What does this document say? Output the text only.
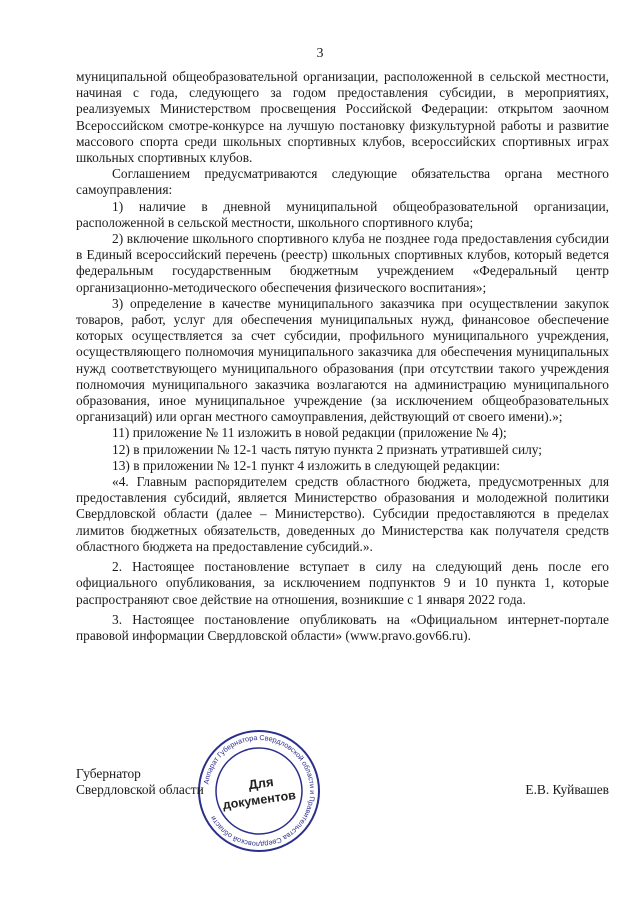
3

муниципальной общеобразовательной организации, расположенной в сельской местности, начиная с года, следующего за годом предоставления субсидии, в мероприятиях, реализуемых Министерством просвещения Российской Федерации: открытом заочном Всероссийском смотре-конкурсе на лучшую постановку физкультурной работы и развитие массового спорта среди школьных спортивных клубов, всероссийских спортивных играх школьных спортивных клубов.

Соглашением предусматриваются следующие обязательства органа местного самоуправления:

1) наличие в дневной муниципальной общеобразовательной организации, расположенной в сельской местности, школьного спортивного клуба;

2) включение школьного спортивного клуба не позднее года предоставления субсидии в Единый всероссийский перечень (реестр) школьных спортивных клубов, который ведется федеральным государственным бюджетным учреждением «Федеральный центр организационно-методического обеспечения физического воспитания»;

3) определение в качестве муниципального заказчика при осуществлении закупок товаров, работ, услуг для обеспечения муниципальных нужд, финансовое обеспечение которых осуществляется за счет субсидии, профильного муниципального учреждения, осуществляющего полномочия муниципального заказчика для обеспечения муниципальных нужд соответствующего муниципального образования (при отсутствии такого учреждения полномочия муниципального заказчика возлагаются на администрацию муниципального образования, иное муниципальное учреждение (за исключением общеобразовательных организаций) или орган местного самоуправления, действующий от своего имени).»;

11) приложение № 11 изложить в новой редакции (приложение № 4);

12) в приложении № 12-1 часть пятую пункта 2 признать утратившей силу;

13) в приложении № 12-1 пункт 4 изложить в следующей редакции:

«4. Главным распорядителем средств областного бюджета, предусмотренных для предоставления субсидий, является Министерство образования и молодежной политики Свердловской области (далее – Министерство). Субсидии предоставляются в пределах лимитов бюджетных обязательств, доведенных до Министерства как получателя средств областного бюджета на предоставление субсидий.».

2. Настоящее постановление вступает в силу на следующий день после его официального опубликования, за исключением подпунктов 9 и 10 пункта 1, которые распространяют свое действие на отношения, возникшие с 1 января 2022 года.

3. Настоящее постановление опубликовать на «Официальном интернет-портале правовой информации Свердловской области» (www.pravo.gov66.ru).

Аппарат Губернатора Свердловской области и Правительства Свердловской области
Для
документов
Губернатор
Свердловской области	Е.В. Куйвашев
